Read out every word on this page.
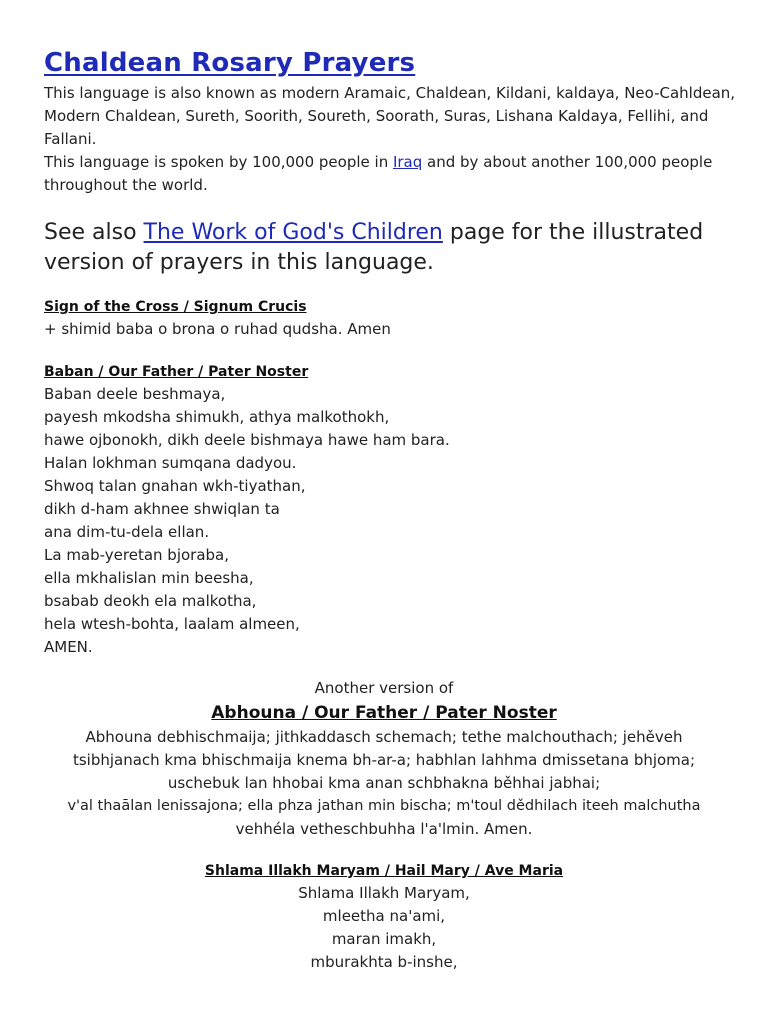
Chaldean Rosary Prayers

This language is also known as modern Aramaic, Chaldean, Kildani, kaldaya, Neo-Cahldean, Modern Chaldean, Sureth, Soorith, Soureth, Soorath, Suras, Lishana Kaldaya, Fellihi, and Fallani.

This language is spoken by 100,000 people in Iraq and by about another 100,000 people throughout the world.

See also The Work of God's Children page for the illustrated version of prayers in this language.

Sign of the Cross / Signum Crucis

+ shimid baba o brona o ruhad qudsha. Amen

Baban / Our Father / Pater Noster

Baban deele beshmaya,
payesh mkodsha shimukh, athya malkothokh,
hawe ojbonokh, dikh deele bishmaya hawe ham bara.
Halan lokhman sumqana dadyou.
Shwoq talan gnahan wkh-tiyathan,
dikh d-ham akhnee shwiqlan ta
ana dim-tu-dela ellan.
La mab-yeretan bjoraba,
ella mkhalislan min beesha,
bsabab deokh ela malkotha,
hela wtesh-bohta, laalam almeen,
AMEN.

Another version of

Abhouna / Our Father / Pater Noster

Abhouna debhischmaija; jithkaddasch schemach; tethe malchouthach; jehěveh
tsibhjanach kma bhischmaija knema bh-ar-a; habhlan lahhma dmissetana bhjoma;
uschebuk lan hhobai kma anan schbhakna běhhai jabhai;
v'al thaālan lenissajona; ella phza jathan min bischa; m'toul dědhilach iteeh malchutha
vehhéla vetheschbuhha l'a'lmin. Amen.

Shlama Illakh Maryam / Hail Mary / Ave Maria

Shlama Illakh Maryam,
mleetha na'ami,
maran imakh,
mburakhta b-inshe,
